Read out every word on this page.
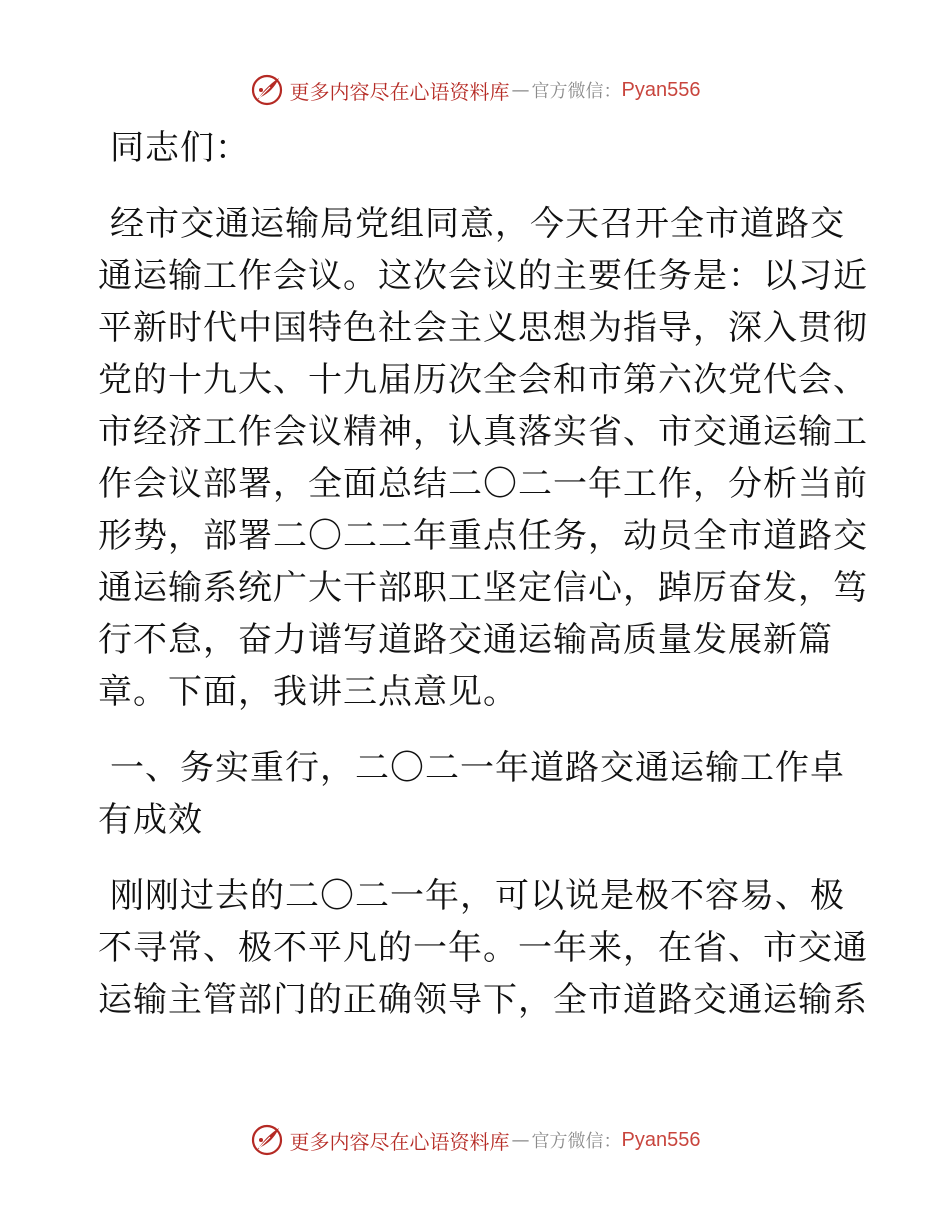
更多内容尽在心语资料库 — 官方微信： Pyan556
同志们：
经市交通运输局党组同意，今天召开全市道路交
通运输工作会议。这次会议的主要任务是：以习近
平新时代中国特色社会主义思想为指导，深入贯彻
党的十九大、十九届历次全会和市第六次党代会、
市经济工作会议精神，认真落实省、市交通运输工
作会议部署，全面总结二〇二一年工作，分析当前
形势，部署二〇二二年重点任务，动员全市道路交
通运输系统广大干部职工坚定信心，踔厉奋发，笃
行不怠，奋力谱写道路交通运输高质量发展新篇
章。下面，我讲三点意见。
一、务实重行，二〇二一年道路交通运输工作卓
有成效
刚刚过去的二〇二一年，可以说是极不容易、极
不寻常、极不平凡的一年。一年来，在省、市交通
运输主管部门的正确领导下，全市道路交通运输系
更多内容尽在心语资料库 — 官方微信： Pyan556
